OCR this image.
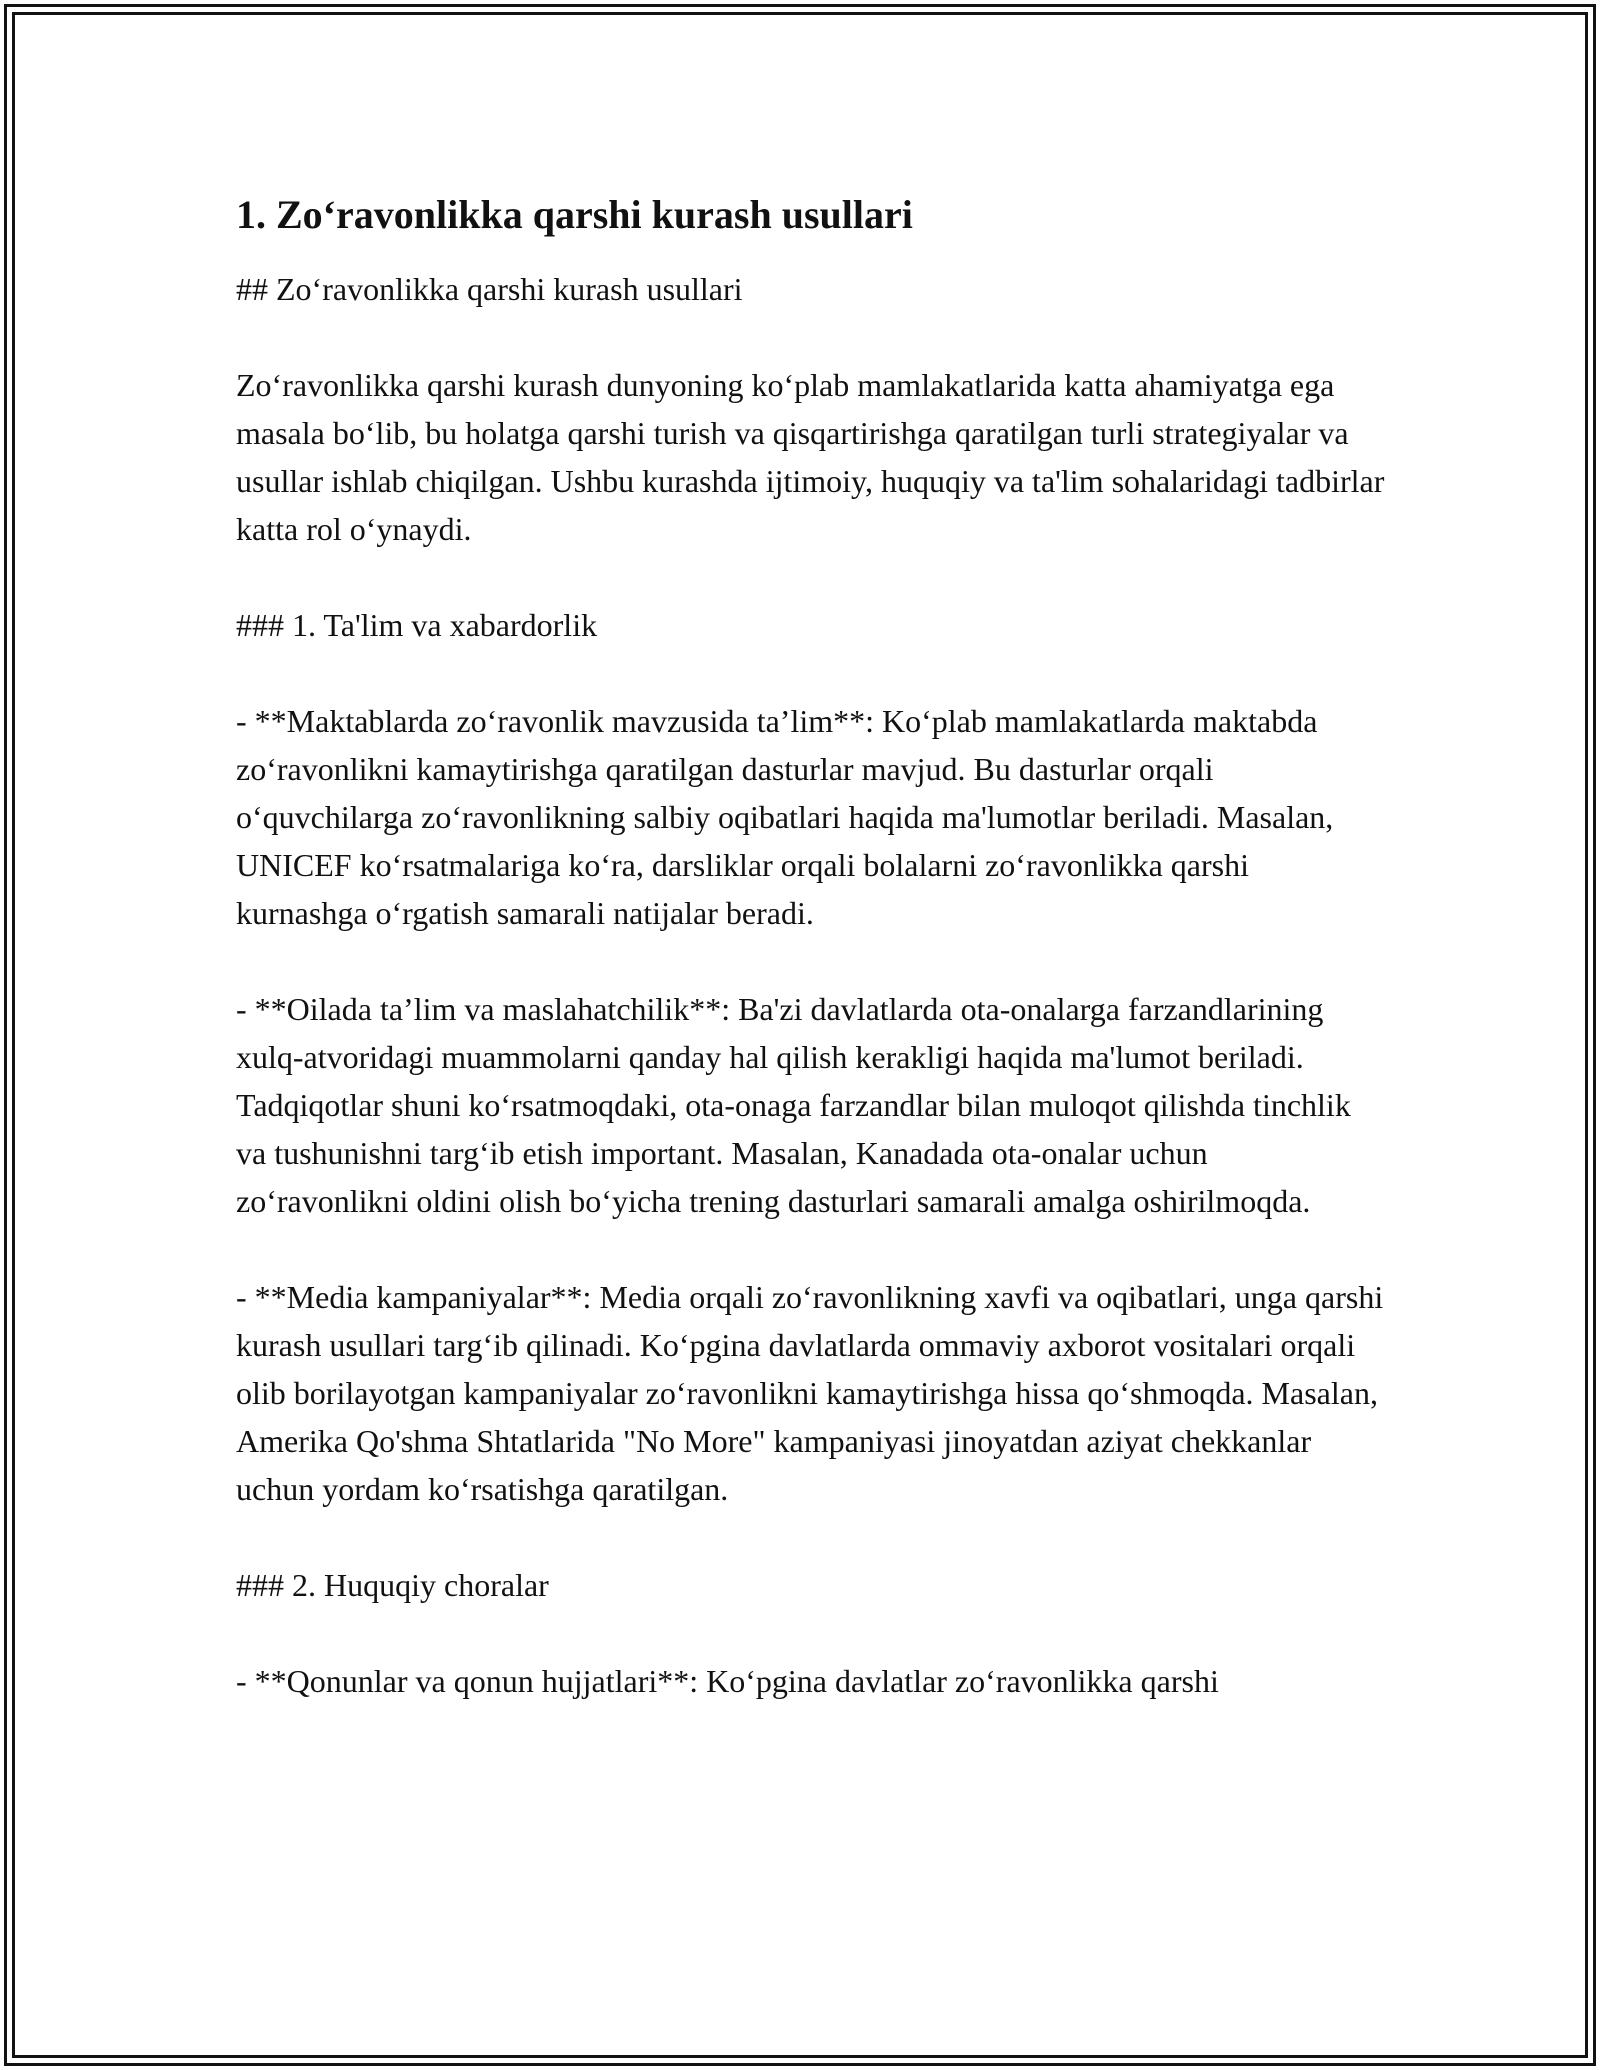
1. Zo‘ravonlikka qarshi kurash usullari

## Zo‘ravonlikka qarshi kurash usullari

Zo‘ravonlikka qarshi kurash dunyoning ko‘plab mamlakatlarida katta ahamiyatga ega masala bo‘lib, bu holatga qarshi turish va qisqartirishga qaratilgan turli strategiyalar va usullar ishlab chiqilgan. Ushbu kurashda ijtimoiy, huquqiy va ta'lim sohalaridagi tadbirlar katta rol o‘ynaydi.

### 1. Ta'lim va xabardorlik

- **Maktablarda zo‘ravonlik mavzusida ta’lim**: Ko‘plab mamlakatlarda maktabda zo‘ravonlikni kamaytirishga qaratilgan dasturlar mavjud. Bu dasturlar orqali o‘quvchilarga zo‘ravonlikning salbiy oqibatlari haqida ma'lumotlar beriladi. Masalan, UNICEF ko‘rsatmalariga ko‘ra, darsliklar orqali bolalarni zo‘ravonlikka qarshi kurnashga o‘rgatish samarali natijalar beradi.

- **Oilada ta’lim va maslahatchilik**: Ba'zi davlatlarda ota-onalarga farzandlarining xulq-atvoridagi muammolarni qanday hal qilish kerakligi haqida ma'lumot beriladi. Tadqiqotlar shuni ko‘rsatmoqdaki, ota-onaga farzandlar bilan muloqot qilishda tinchlik va tushunishni targ‘ib etish important. Masalan, Kanadada ota-onalar uchun zo‘ravonlikni oldini olish bo‘yicha trening dasturlari samarali amalga oshirilmoqda.

- **Media kampaniyalar**: Media orqali zo‘ravonlikning xavfi va oqibatlari, unga qarshi kurash usullari targ‘ib qilinadi. Ko‘pgina davlatlarda ommaviy axborot vositalari orqali olib borilayotgan kampaniyalar zo‘ravonlikni kamaytirishga hissa qo‘shmoqda. Masalan, Amerika Qo'shma Shtatlarida "No More" kampaniyasi jinoyatdan aziyat chekkanlar uchun yordam ko‘rsatishga qaratilgan.

### 2. Huquqiy choralar

- **Qonunlar va qonun hujjatlari**: Ko‘pgina davlatlar zo‘ravonlikka qarshi
